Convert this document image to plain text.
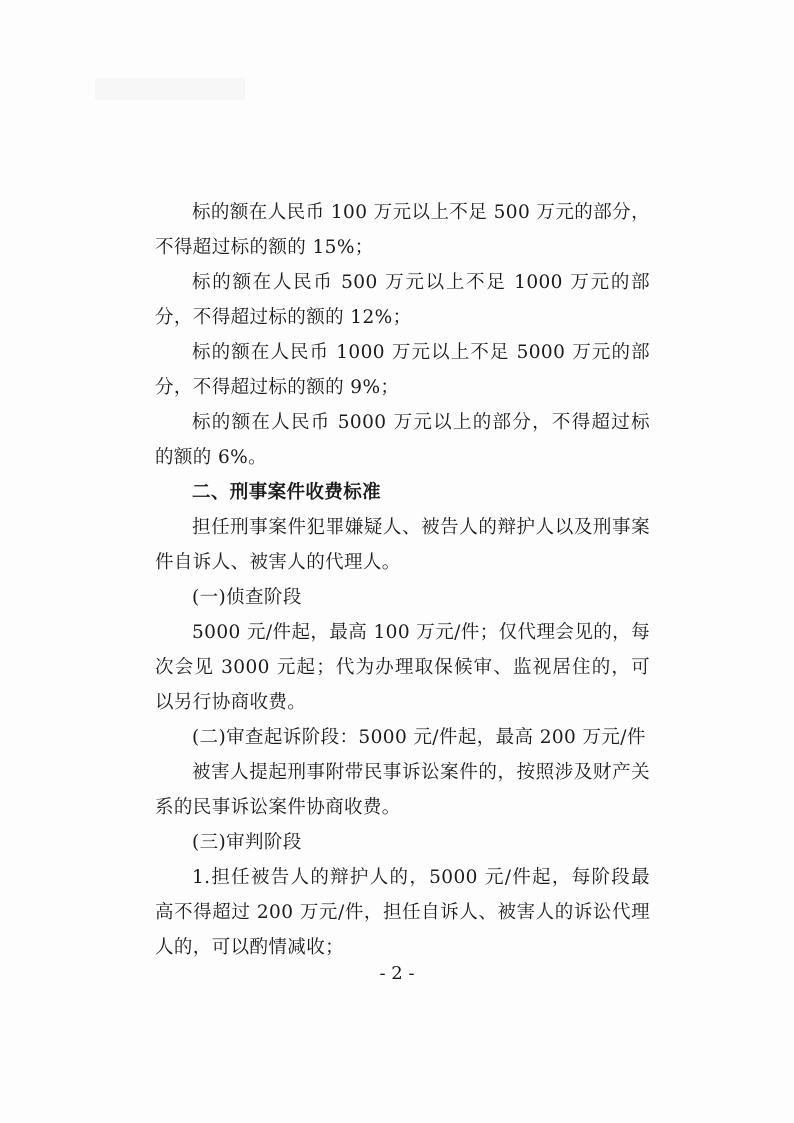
标的额在人民币 100 万元以上不足 500 万元的部分，不得超过标的额的 15%；

标的额在人民币 500 万元以上不足 1000 万元的部分，不得超过标的额的 12%；

标的额在人民币 1000 万元以上不足 5000 万元的部分，不得超过标的额的 9%；

标的额在人民币 5000 万元以上的部分，不得超过标的额的 6%。

二、刑事案件收费标准

担任刑事案件犯罪嫌疑人、被告人的辩护人以及刑事案件自诉人、被害人的代理人。

(一)侦查阶段

5000 元/件起，最高 100 万元/件；仅代理会见的，每次会见 3000 元起；代为办理取保候审、监视居住的，可以另行协商收费。

(二)审查起诉阶段：5000 元/件起，最高 200 万元/件

被害人提起刑事附带民事诉讼案件的，按照涉及财产关系的民事诉讼案件协商收费。

(三)审判阶段

1.担任被告人的辩护人的，5000 元/件起，每阶段最高不得超过 200 万元/件，担任自诉人、被害人的诉讼代理人的，可以酌情减收；

- 2 -
